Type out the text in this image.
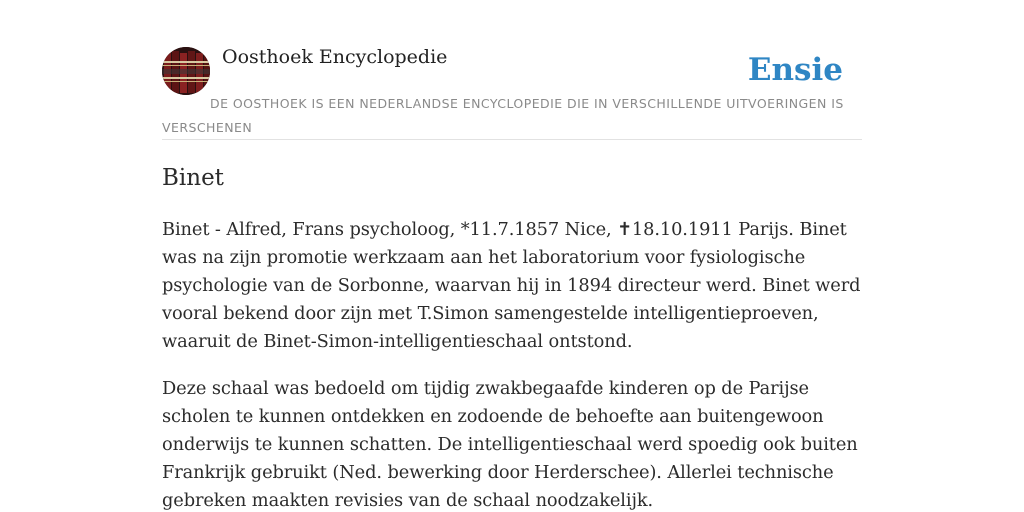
Oosthoek Encyclopedie	Ensie
DE OOSTHOEK IS EEN NEDERLANDSE ENCYCLOPEDIE DIE IN VERSCHILLENDE UITVOERINGEN IS VERSCHENEN
Binet

Binet - Alfred, Frans psycholoog, *11.7.1857 Nice, ✝18.10.1911 Parijs. Binet was na zijn promotie werkzaam aan het laboratorium voor fysiologische psychologie van de Sorbonne, waarvan hij in 1894 directeur werd. Binet werd vooral bekend door zijn met T.Simon samengestelde intelligentieproeven, waaruit de Binet-Simon-intelligentieschaal ontstond.

Deze schaal was bedoeld om tijdig zwakbegaafde kinderen op de Parijse scholen te kunnen ontdekken en zodoende de behoefte aan buitengewoon onderwijs te kunnen schatten. De intelligentieschaal werd spoedig ook buiten Frankrijk gebruikt (Ned. bewerking door Herderschee). Allerlei technische gebreken maakten revisies van de schaal noodzakelijk.
